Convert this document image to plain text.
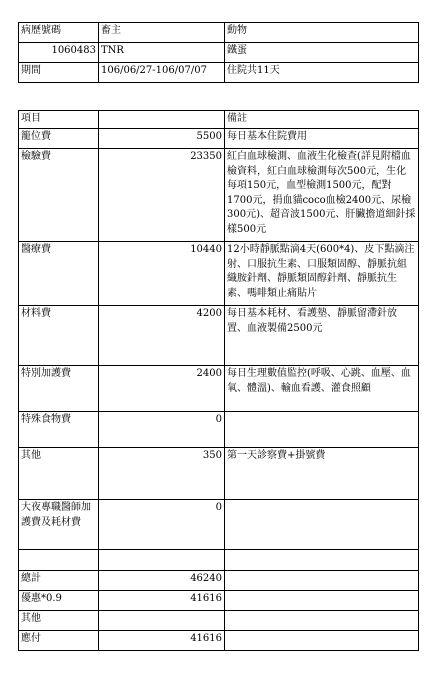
病歷號碼	畜主	動物
1060483	TNR	鐵蛋
期間	106/06/27-106/07/07	住院共11天
項目		備註
籠位費	5500	每日基本住院費用
檢驗費	23350	紅白血球檢測、血液生化檢查(詳見附檔血檢資料，紅白血球檢測每次500元，生化每項150元，血型檢測1500元，配對1700元，捐血貓coco血檢2400元、尿檢300元)、超音波1500元、肝臟擔道細針採樣500元
醫療費	10440	12小時靜脈點滴4天(600*4)、皮下點滴注射、口服抗生素、口服類固醇、靜脈抗組織胺針劑、靜脈類固醇針劑、靜脈抗生素、嗎啡類止痛貼片
材料費	4200	每日基本耗材、看護墊、靜脈留滯針放置、血液製備2500元
特別加護費	2400	每日生理數值監控(呼吸、心跳、血壓、血氧、體溫)、輸血看護、灌食照顧
特殊食物費	0	
其他	350	第一天診察費+掛號費
大夜專職醫師加護費及耗材費	0	

總計	46240	
優惠*0.9	41616	
其他		
應付	41616	
